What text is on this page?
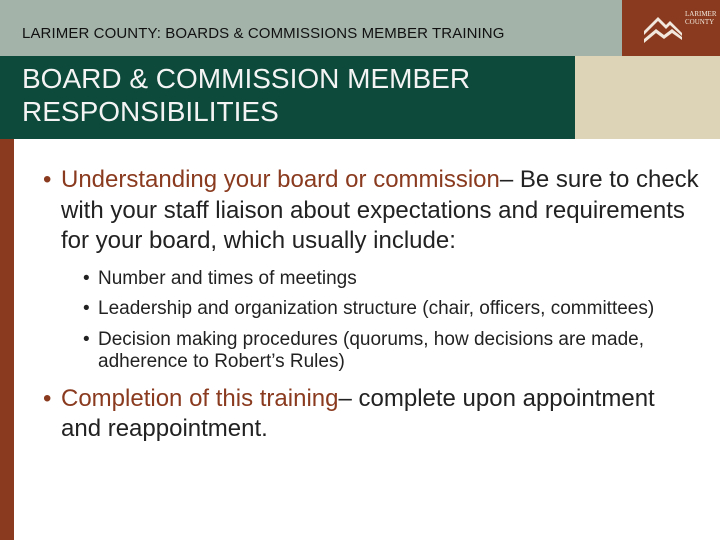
LARIMER COUNTY: BOARDS & COMMISSIONS MEMBER TRAINING
LARIMER
COUNTY
BOARD & COMMISSION MEMBER
RESPONSIBILITIES
• Understanding your board or commission– Be sure to check with your staff liaison about expectations and requirements for your board, which usually include:
• Number and times of meetings
• Leadership and organization structure (chair, officers, committees)
• Decision making procedures (quorums, how decisions are made, adherence to Robert’s Rules)
• Completion of this training– complete upon appointment and reappointment.
